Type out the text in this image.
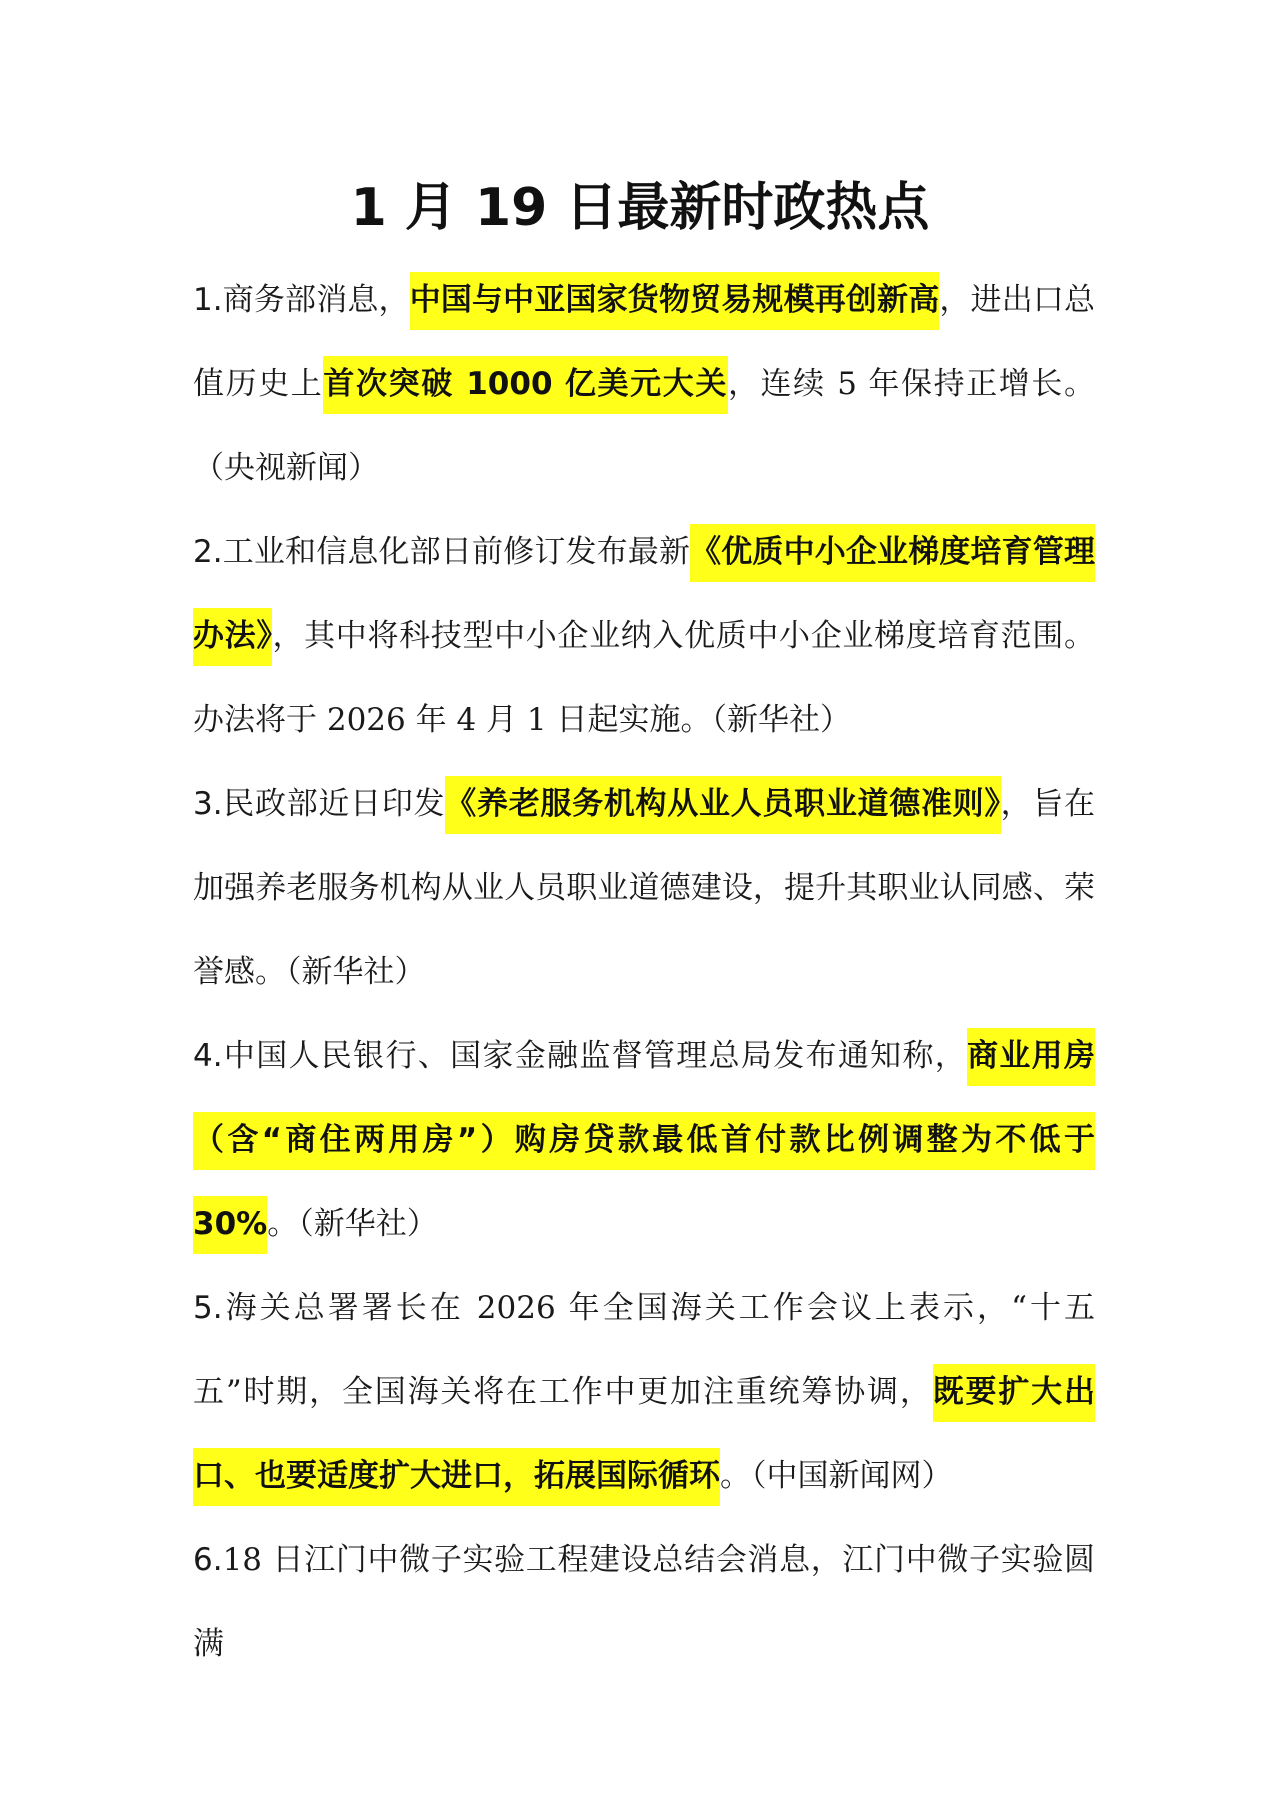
1 月 19 日最新时政热点

1.商务部消息，中国与中亚国家货物贸易规模再创新高，进出口总值历史上首次突破 1000 亿美元大关，连续 5 年保持正增长。（央视新闻）

2.工业和信息化部日前修订发布最新《优质中小企业梯度培育管理办法》，其中将科技型中小企业纳入优质中小企业梯度培育范围。办法将于 2026 年 4 月 1 日起实施。（新华社）

3.民政部近日印发《养老服务机构从业人员职业道德准则》，旨在加强养老服务机构从业人员职业道德建设，提升其职业认同感、荣誉感。（新华社）

4.中国人民银行、国家金融监督管理总局发布通知称，商业用房（含“商住两用房”）购房贷款最低首付款比例调整为不低于 30%。（新华社）

5.海关总署署长在 2026 年全国海关工作会议上表示，“十五五”时期，全国海关将在工作中更加注重统筹协调，既要扩大出口、也要适度扩大进口，拓展国际循环。（中国新闻网）

6.18 日江门中微子实验工程建设总结会消息，江门中微子实验圆满
